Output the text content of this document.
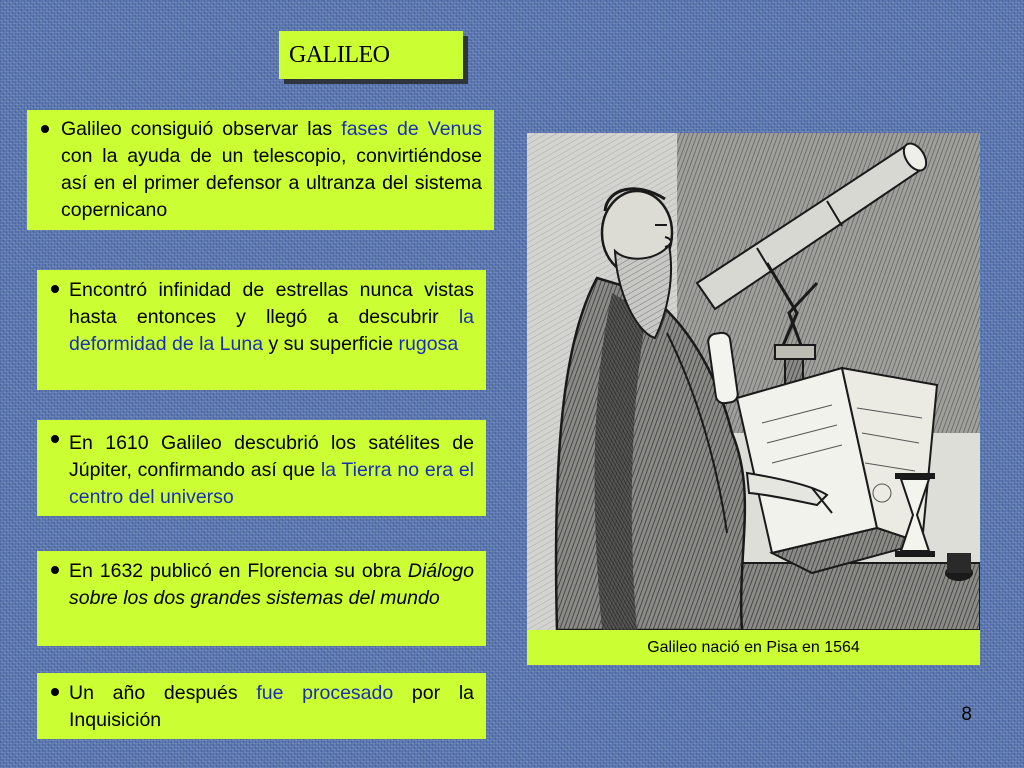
GALILEO
Galileo consiguió observar las fases de Venus con la ayuda de un telescopio, convirtiéndose así en el primer defensor a ultranza del sistema copernicano
Encontró infinidad de estrellas nunca vistas hasta entonces y llegó a descubrir la deformidad de la Luna y su superficie rugosa
En 1610 Galileo descubrió los satélites de Júpiter, confirmando así que la Tierra no era el centro del universo
En 1632 publicó en Florencia su obra Diálogo sobre los dos grandes sistemas del mundo
Un año después fue procesado por la Inquisición
Galileo nació en Pisa en 1564
8
